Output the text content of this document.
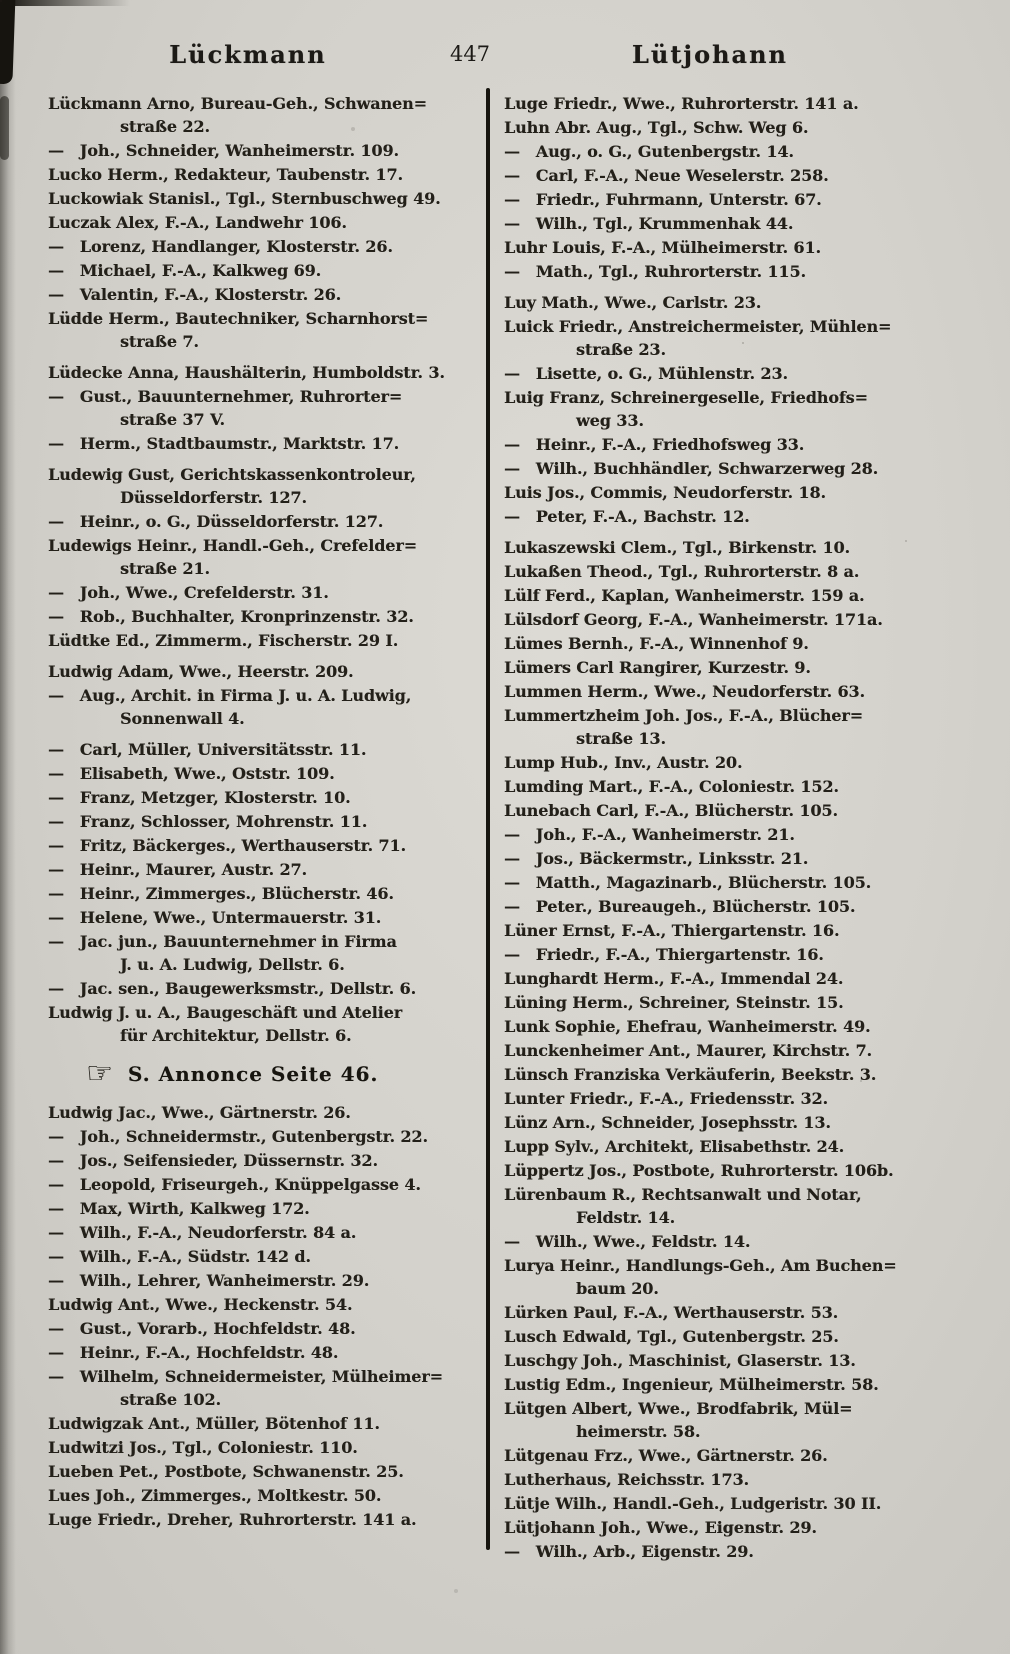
Lückmann	447	Lütjohann

Lückmann Arno, Bureau-Geh., Schwanen=
straße 22.

— Joh., Schneider, Wanheimerstr. 109.

Lucko Herm., Redakteur, Taubenstr. 17.

Luckowiak Stanisl., Tgl., Sternbuschweg 49.

Luczak Alex, F.-A., Landwehr 106.

— Lorenz, Handlanger, Klosterstr. 26.

— Michael, F.-A., Kalkweg 69.

— Valentin, F.-A., Klosterstr. 26.

Lüdde Herm., Bautechniker, Scharnhorst=
straße 7.

Lüdecke Anna, Haushälterin, Humboldstr. 3.

— Gust., Bauunternehmer, Ruhrorter=
straße 37 V.

— Herm., Stadtbaumstr., Marktstr. 17.

Ludewig Gust, Gerichtskassenkontroleur,
Düsseldorferstr. 127.

— Heinr., o. G., Düsseldorferstr. 127.

Ludewigs Heinr., Handl.-Geh., Crefelder=
straße 21.

— Joh., Wwe., Crefelderstr. 31.

— Rob., Buchhalter, Kronprinzenstr. 32.

Lüdtke Ed., Zimmerm., Fischerstr. 29 I.

Ludwig Adam, Wwe., Heerstr. 209.

— Aug., Archit. in Firma J. u. A. Ludwig,
Sonnenwall 4.

— Carl, Müller, Universitätsstr. 11.

— Elisabeth, Wwe., Oststr. 109.

— Franz, Metzger, Klosterstr. 10.

— Franz, Schlosser, Mohrenstr. 11.

— Fritz, Bäckerges., Werthauserstr. 71.

— Heinr., Maurer, Austr. 27.

— Heinr., Zimmerges., Blücherstr. 46.

— Helene, Wwe., Untermauerstr. 31.

— Jac. jun., Bauunternehmer in Firma
J. u. A. Ludwig, Dellstr. 6.

— Jac. sen., Baugewerksmstr., Dellstr. 6.

Ludwig J. u. A., Baugeschäft und Atelier
für Architektur, Dellstr. 6.

☞ S. Annonce Seite 46.

Ludwig Jac., Wwe., Gärtnerstr. 26.

— Joh., Schneidermstr., Gutenbergstr. 22.

— Jos., Seifensieder, Düssernstr. 32.

— Leopold, Friseurgeh., Knüppelgasse 4.

— Max, Wirth, Kalkweg 172.

— Wilh., F.-A., Neudorferstr. 84 a.

— Wilh., F.-A., Südstr. 142 d.

— Wilh., Lehrer, Wanheimerstr. 29.

Ludwig Ant., Wwe., Heckenstr. 54.

— Gust., Vorarb., Hochfeldstr. 48.

— Heinr., F.-A., Hochfeldstr. 48.

— Wilhelm, Schneidermeister, Mülheimer=
straße 102.

Ludwigzak Ant., Müller, Bötenhof 11.

Ludwitzi Jos., Tgl., Coloniestr. 110.

Lueben Pet., Postbote, Schwanenstr. 25.

Lues Joh., Zimmerges., Moltkestr. 50.

Luge Friedr., Dreher, Ruhrorterstr. 141 a.

Luge Friedr., Wwe., Ruhrorterstr. 141 a.

Luhn Abr. Aug., Tgl., Schw. Weg 6.

— Aug., o. G., Gutenbergstr. 14.

— Carl, F.-A., Neue Weselerstr. 258.

— Friedr., Fuhrmann, Unterstr. 67.

— Wilh., Tgl., Krummenhak 44.

Luhr Louis, F.-A., Mülheimerstr. 61.

— Math., Tgl., Ruhrorterstr. 115.

Luy Math., Wwe., Carlstr. 23.

Luick Friedr., Anstreichermeister, Mühlen=
straße 23.

— Lisette, o. G., Mühlenstr. 23.

Luig Franz, Schreinergeselle, Friedhofs=
weg 33.

— Heinr., F.-A., Friedhofsweg 33.

— Wilh., Buchhändler, Schwarzerweg 28.

Luis Jos., Commis, Neudorferstr. 18.

— Peter, F.-A., Bachstr. 12.

Lukaszewski Clem., Tgl., Birkenstr. 10.

Lukaßen Theod., Tgl., Ruhrorterstr. 8 a.

Lülf Ferd., Kaplan, Wanheimerstr. 159 a.

Lülsdorf Georg, F.-A., Wanheimerstr. 171a.

Lümes Bernh., F.-A., Winnenhof 9.

Lümers Carl Rangirer, Kurzestr. 9.

Lummen Herm., Wwe., Neudorferstr. 63.

Lummertzheim Joh. Jos., F.-A., Blücher=
straße 13.

Lump Hub., Inv., Austr. 20.

Lumding Mart., F.-A., Coloniestr. 152.

Lunebach Carl, F.-A., Blücherstr. 105.

— Joh., F.-A., Wanheimerstr. 21.

— Jos., Bäckermstr., Linksstr. 21.

— Matth., Magazinarb., Blücherstr. 105.

— Peter., Bureaugeh., Blücherstr. 105.

Lüner Ernst, F.-A., Thiergartenstr. 16.

— Friedr., F.-A., Thiergartenstr. 16.

Lunghardt Herm., F.-A., Immendal 24.

Lüning Herm., Schreiner, Steinstr. 15.

Lunk Sophie, Ehefrau, Wanheimerstr. 49.

Lunckenheimer Ant., Maurer, Kirchstr. 7.

Lünsch Franziska Verkäuferin, Beekstr. 3.

Lunter Friedr., F.-A., Friedensstr. 32.

Lünz Arn., Schneider, Josephsstr. 13.

Lupp Sylv., Architekt, Elisabethstr. 24.

Lüppertz Jos., Postbote, Ruhrorterstr. 106b.

Lürenbaum R., Rechtsanwalt und Notar,
Feldstr. 14.

— Wilh., Wwe., Feldstr. 14.

Lurya Heinr., Handlungs-Geh., Am Buchen=
baum 20.

Lürken Paul, F.-A., Werthauserstr. 53.

Lusch Edwald, Tgl., Gutenbergstr. 25.

Luschgy Joh., Maschinist, Glaserstr. 13.

Lustig Edm., Ingenieur, Mülheimerstr. 58.

Lütgen Albert, Wwe., Brodfabrik, Mül=
heimerstr. 58.

Lütgenau Frz., Wwe., Gärtnerstr. 26.

Lutherhaus, Reichsstr. 173.

Lütje Wilh., Handl.-Geh., Ludgeristr. 30 II.

Lütjohann Joh., Wwe., Eigenstr. 29.

— Wilh., Arb., Eigenstr. 29.
